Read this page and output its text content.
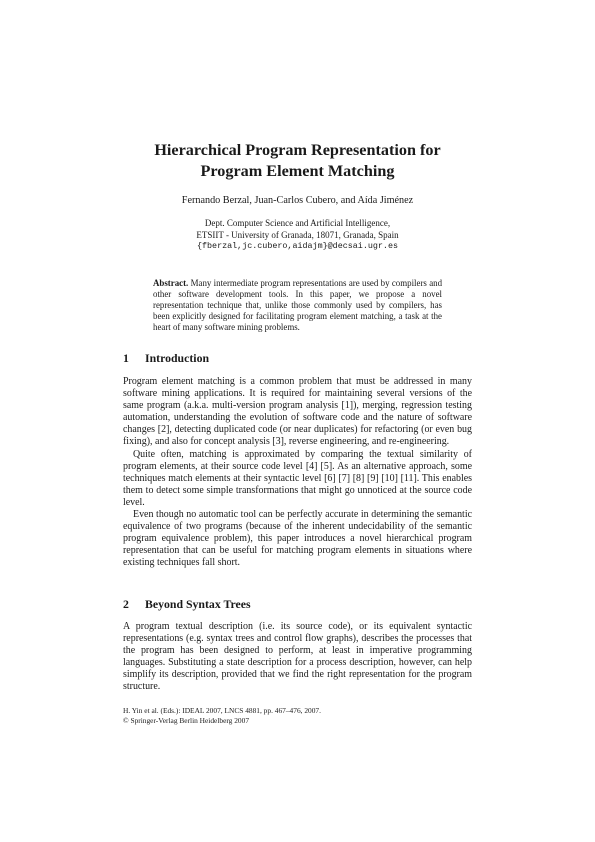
Hierarchical Program Representation for
Program Element Matching
Fernando Berzal, Juan-Carlos Cubero, and Aída Jiménez
Dept. Computer Science and Artificial Intelligence,
ETSIIT - University of Granada, 18071, Granada, Spain
{fberzal,jc.cubero,aidajm}@decsai.ugr.es
Abstract. Many intermediate program representations are used by compilers and other software development tools. In this paper, we propose a novel representation technique that, unlike those commonly used by compilers, has been explicitly designed for facilitating program element matching, a task at the heart of many software mining problems.
1 Introduction

Program element matching is a common problem that must be addressed in many software mining applications. It is required for maintaining several versions of the same program (a.k.a. multi-version program analysis [1]), merging, regression testing automation, understanding the evolution of software code and the nature of software changes [2], detecting duplicated code (or near duplicates) for refactoring (or even bug fixing), and also for concept analysis [3], reverse engineering, and re-engineering.

Quite often, matching is approximated by comparing the textual similarity of program elements, at their source code level [4] [5]. As an alternative approach, some techniques match elements at their syntactic level [6] [7] [8] [9] [10] [11]. This enables them to detect some simple transformations that might go unnoticed at the source code level.

Even though no automatic tool can be perfectly accurate in determining the semantic equivalence of two programs (because of the inherent undecidability of the semantic program equivalence problem), this paper introduces a novel hierarchical program representation that can be useful for matching program elements in situations where existing techniques fall short.

2 Beyond Syntax Trees

A program textual description (i.e. its source code), or its equivalent syntactic representations (e.g. syntax trees and control flow graphs), describes the processes that the program has been designed to perform, at least in imperative programming languages. Substituting a state description for a process description, however, can help simplify its description, provided that we find the right representation for the program structure.

H. Yin et al. (Eds.): IDEAL 2007, LNCS 4881, pp. 467–476, 2007.
© Springer-Verlag Berlin Heidelberg 2007
